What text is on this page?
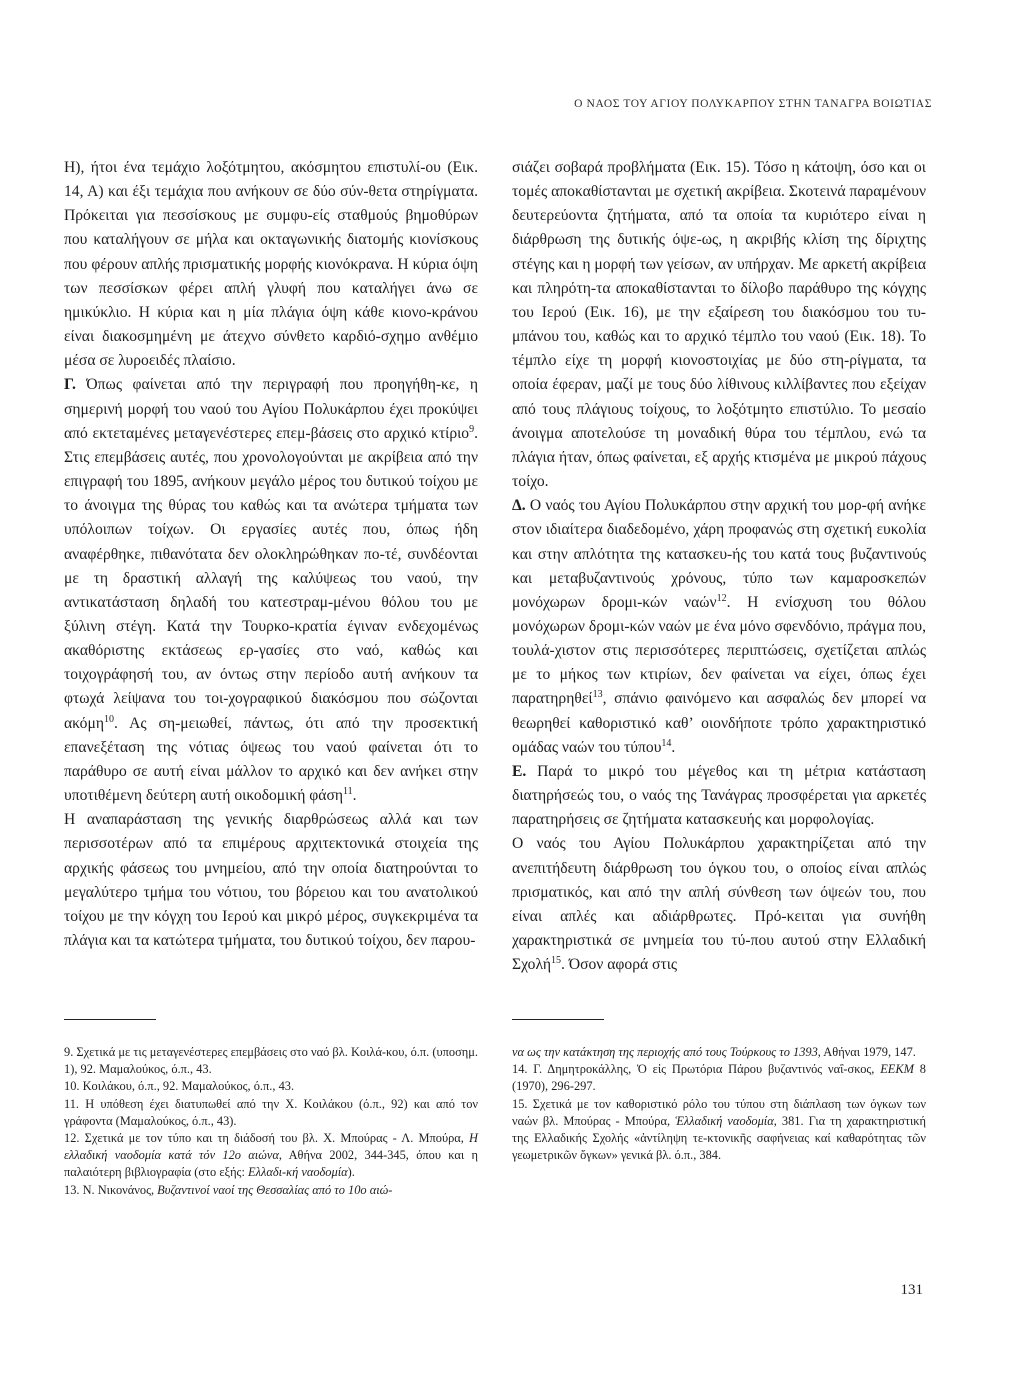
Ο ΝΑΟΣ ΤΟΥ ΑΓΙΟΥ ΠΟΛΥΚΑΡΠΟΥ ΣΤΗΝ ΤΑΝΑΓΡΑ ΒΟΙΩΤΙΑΣ

Η), ήτοι ένα τεμάχιο λοξότμητου, ακόσμητου επιστυλί-ου (Εικ. 14, Α) και έξι τεμάχια που ανήκουν σε δύο σύν-θετα στηρίγματα. Πρόκειται για πεσσίσκους με συμφυ-είς σταθμούς βημοθύρων που καταλήγουν σε μήλα και οκταγωνικής διατομής κιονίσκους που φέρουν απλής πρισματικής μορφής κιονόκρανα. Η κύρια όψη των πεσσίσκων φέρει απλή γλυφή που καταλήγει άνω σε ημικύκλιο. Η κύρια και η μία πλάγια όψη κάθε κιονο-κράνου είναι διακοσμημένη με άτεχνο σύνθετο καρδιό-σχημο ανθέμιο μέσα σε λυροειδές πλαίσιο.

Γ. Όπως φαίνεται από την περιγραφή που προηγήθη-κε, η σημερινή μορφή του ναού του Αγίου Πολυκάρπου έχει προκύψει από εκτεταμένες μεταγενέστερες επεμ-βάσεις στο αρχικό κτίριο$^9$. Στις επεμβάσεις αυτές, που χρονολογούνται με ακρίβεια από την επιγραφή του 1895, ανήκουν μεγάλο μέρος του δυτικού τοίχου με το άνοιγμα της θύρας του καθώς και τα ανώτερα τμήματα των υπόλοιπων τοίχων. Οι εργασίες αυτές που, όπως ήδη αναφέρθηκε, πιθανότατα δεν ολοκληρώθηκαν πο-τέ, συνδέονται με τη δραστική αλλαγή της καλύψεως του ναού, την αντικατάσταση δηλαδή του κατεστραμ-μένου θόλου του με ξύλινη στέγη. Κατά την Τουρκο-κρατία έγιναν ενδεχομένως ακαθόριστης εκτάσεως ερ-γασίες στο ναό, καθώς και τοιχογράφησή του, αν όντως στην περίοδο αυτή ανήκουν τα φτωχά λείψανα του τοι-χογραφικού διακόσμου που σώζονται ακόμη$^{10}$. Ας ση-μειωθεί, πάντως, ότι από την προσεκτική επανεξέταση της νότιας όψεως του ναού φαίνεται ότι το παράθυρο σε αυτή είναι μάλλον το αρχικό και δεν ανήκει στην υποτιθέμενη δεύτερη αυτή οικοδομική φάση$^{11}$.

Η αναπαράσταση της γενικής διαρθρώσεως αλλά και των περισσοτέρων από τα επιμέρους αρχιτεκτονικά στοιχεία της αρχικής φάσεως του μνημείου, από την οποία διατηρούνται το μεγαλύτερο τμήμα του νότιου, του βόρειου και του ανατολικού τοίχου με την κόγχη του Ιερού και μικρό μέρος, συγκεκριμένα τα πλάγια και τα κατώτερα τμήματα, του δυτικού τοίχου, δεν παρου-

σιάζει σοβαρά προβλήματα (Εικ. 15). Τόσο η κάτοψη, όσο και οι τομές αποκαθίστανται με σχετική ακρίβεια. Σκοτεινά παραμένουν δευτερεύοντα ζητήματα, από τα οποία τα κυριότερο είναι η διάρθρωση της δυτικής όψε-ως, η ακριβής κλίση της δίριχτης στέγης και η μορφή των γείσων, αν υπήρχαν. Με αρκετή ακρίβεια και πληρότη-τα αποκαθίστανται το δίλοβο παράθυρο της κόγχης του Ιερού (Εικ. 16), με την εξαίρεση του διακόσμου του τυ-μπάνου του, καθώς και το αρχικό τέμπλο του ναού (Εικ. 18). Το τέμπλο είχε τη μορφή κιονοστοιχίας με δύο στη-ρίγματα, τα οποία έφεραν, μαζί με τους δύο λίθινους κιλλίβαντες που εξείχαν από τους πλάγιους τοίχους, το λοξότμητο επιστύλιο. Το μεσαίο άνοιγμα αποτελούσε τη μοναδική θύρα του τέμπλου, ενώ τα πλάγια ήταν, όπως φαίνεται, εξ αρχής κτισμένα με μικρού πάχους τοίχο.

Δ. Ο ναός του Αγίου Πολυκάρπου στην αρχική του μορ-φή ανήκε στον ιδιαίτερα διαδεδομένο, χάρη προφανώς στη σχετική ευκολία και στην απλότητα της κατασκευ-ής του κατά τους βυζαντινούς και μεταβυζαντινούς χρόνους, τύπο των καμαροσκεπών μονόχωρων δρομι-κών ναών$^{12}$. Η ενίσχυση του θόλου μονόχωρων δρομι-κών ναών με ένα μόνο σφενδόνιο, πράγμα που, τουλά-χιστον στις περισσότερες περιπτώσεις, σχετίζεται απλώς με το μήκος των κτιρίων, δεν φαίνεται να είχει, όπως έχει παρατηρηθεί$^{13}$, σπάνιο φαινόμενο και ασφαλώς δεν μπορεί να θεωρηθεί καθοριστικό καθ’ οιονδήποτε τρόπο χαρακτηριστικό ομάδας ναών του τύπου$^{14}$.

Ε. Παρά το μικρό του μέγεθος και τη μέτρια κατάσταση διατηρήσεώς του, ο ναός της Τανάγρας προσφέρεται για αρκετές παρατηρήσεις σε ζητήματα κατασκευής και μορφολογίας.

Ο ναός του Αγίου Πολυκάρπου χαρακτηρίζεται από την ανεπιτήδευτη διάρθρωση του όγκου του, ο οποίος είναι απλώς πρισματικός, και από την απλή σύνθεση των όψεών του, που είναι απλές και αδιάρθρωτες. Πρό-κειται για συνήθη χαρακτηριστικά σε μνημεία του τύ-που αυτού στην Ελλαδική Σχολή$^{15}$. Όσον αφορά στις

9. Σχετικά με τις μεταγενέστερες επεμβάσεις στο ναό βλ. Κοιλά-κου, ό.π. (υποσημ. 1), 92. Μαμαλούκος, ό.π., 43.

10. Κοιλάκου, ό.π., 92. Μαμαλούκος, ό.π., 43.

11. Η υπόθεση έχει διατυπωθεί από την Χ. Κοιλάκου (ό.π., 92) και από τον γράφοντα (Μαμαλούκος, ό.π., 43).

12. Σχετικά με τον τύπο και τη διάδοσή του βλ. Χ. Μπούρας - Λ. Μπούρα, Η ελλαδική ναοδομία κατά τόν 12ο αιώνα, Αθήνα 2002, 344-345, όπου και η παλαιότερη βιβλιογραφία (στο εξής: Ελλαδι-κή ναοδομία).

13. Ν. Νικονάνος, Βυζαντινοί ναοί της Θεσσαλίας από το 10ο αιώ-

να ως την κατάκτηση της περιοχής από τους Τούρκους το 1393, Αθήναι 1979, 147.

14. Γ. Δημητροκάλλης, Ὁ εἰς Πρωτόρια Πάρου βυζαντινός ναΐ-σκος, ΕΕΚΜ 8 (1970), 296-297.

15. Σχετικά με τον καθοριστικό ρόλο του τύπου στη διάπλαση των όγκων των ναών βλ. Μπούρας - Μπούρα, Ἑλλαδική ναοδομία, 381. Για τη χαρακτηριστική της Ελλαδικής Σχολής «ἀντίληψη τε-κτονικῆς σαφήνειας καί καθαρότητας τῶν γεωμετρικῶν ὄγκων» γενικά βλ. ό.π., 384.

131
